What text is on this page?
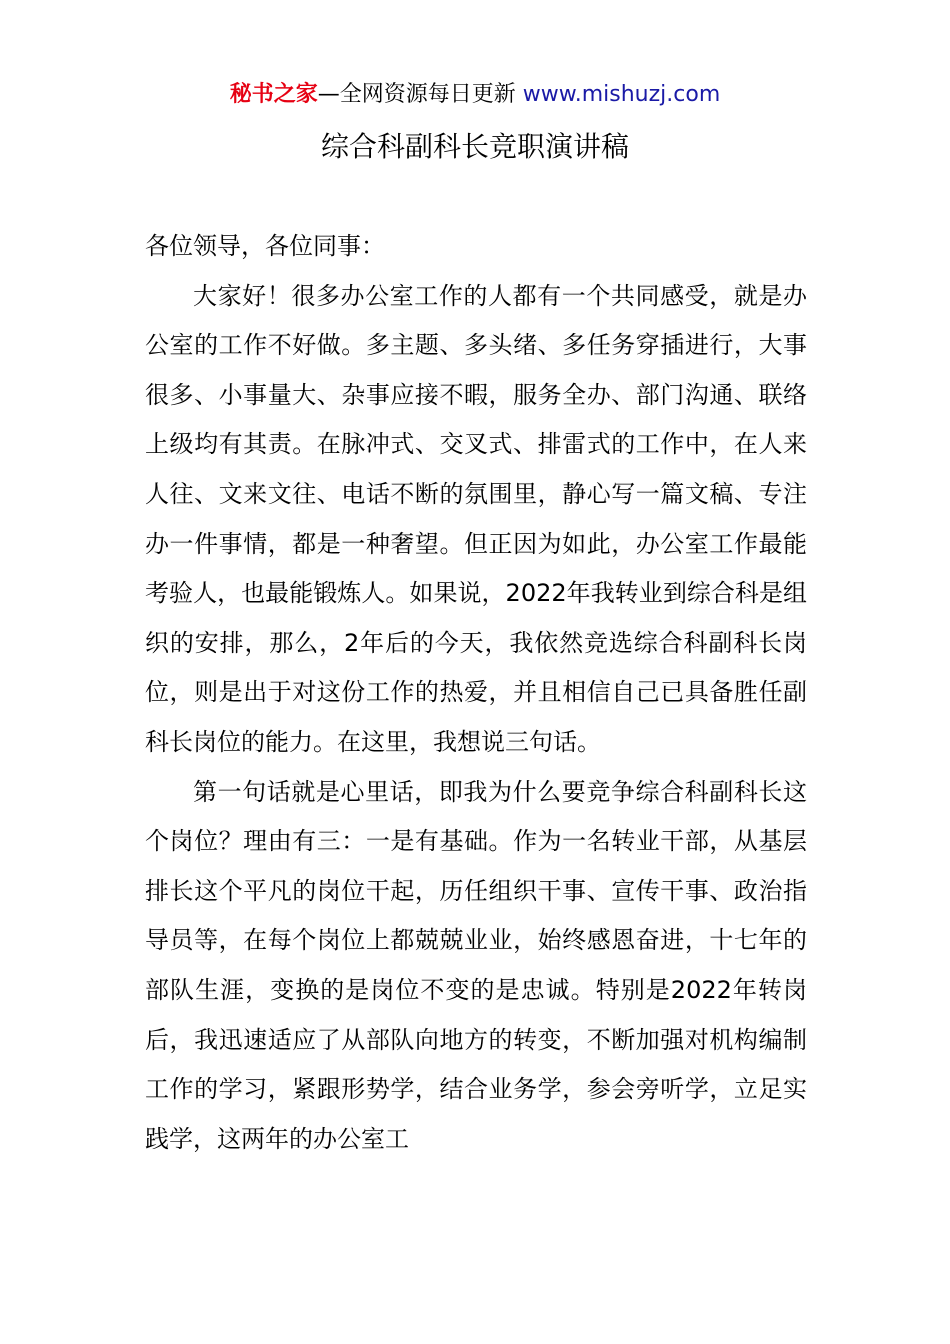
秘书之家—全网资源每日更新 www.mishuzj.com
综合科副科长竞职演讲稿

各位领导，各位同事：

大家好！很多办公室工作的人都有一个共同感受，就是办公室的工作不好做。多主题、多头绪、多任务穿插进行，大事很多、小事量大、杂事应接不暇，服务全办、部门沟通、联络上级均有其责。在脉冲式、交叉式、排雷式的工作中，在人来人往、文来文往、电话不断的氛围里，静心写一篇文稿、专注办一件事情，都是一种奢望。但正因为如此，办公室工作最能考验人，也最能锻炼人。如果说，2022年我转业到综合科是组织的安排，那么，2年后的今天，我依然竞选综合科副科长岗位，则是出于对这份工作的热爱，并且相信自己已具备胜任副科长岗位的能力。在这里，我想说三句话。

第一句话就是心里话，即我为什么要竞争综合科副科长这个岗位？理由有三：一是有基础。作为一名转业干部，从基层排长这个平凡的岗位干起，历任组织干事、宣传干事、政治指导员等，在每个岗位上都兢兢业业，始终感恩奋进，十七年的部队生涯，变换的是岗位不变的是忠诚。特别是2022年转岗后，我迅速适应了从部队向地方的转变，不断加强对机构编制工作的学习，紧跟形势学，结合业务学，参会旁听学，立足实践学，这两年的办公室工
